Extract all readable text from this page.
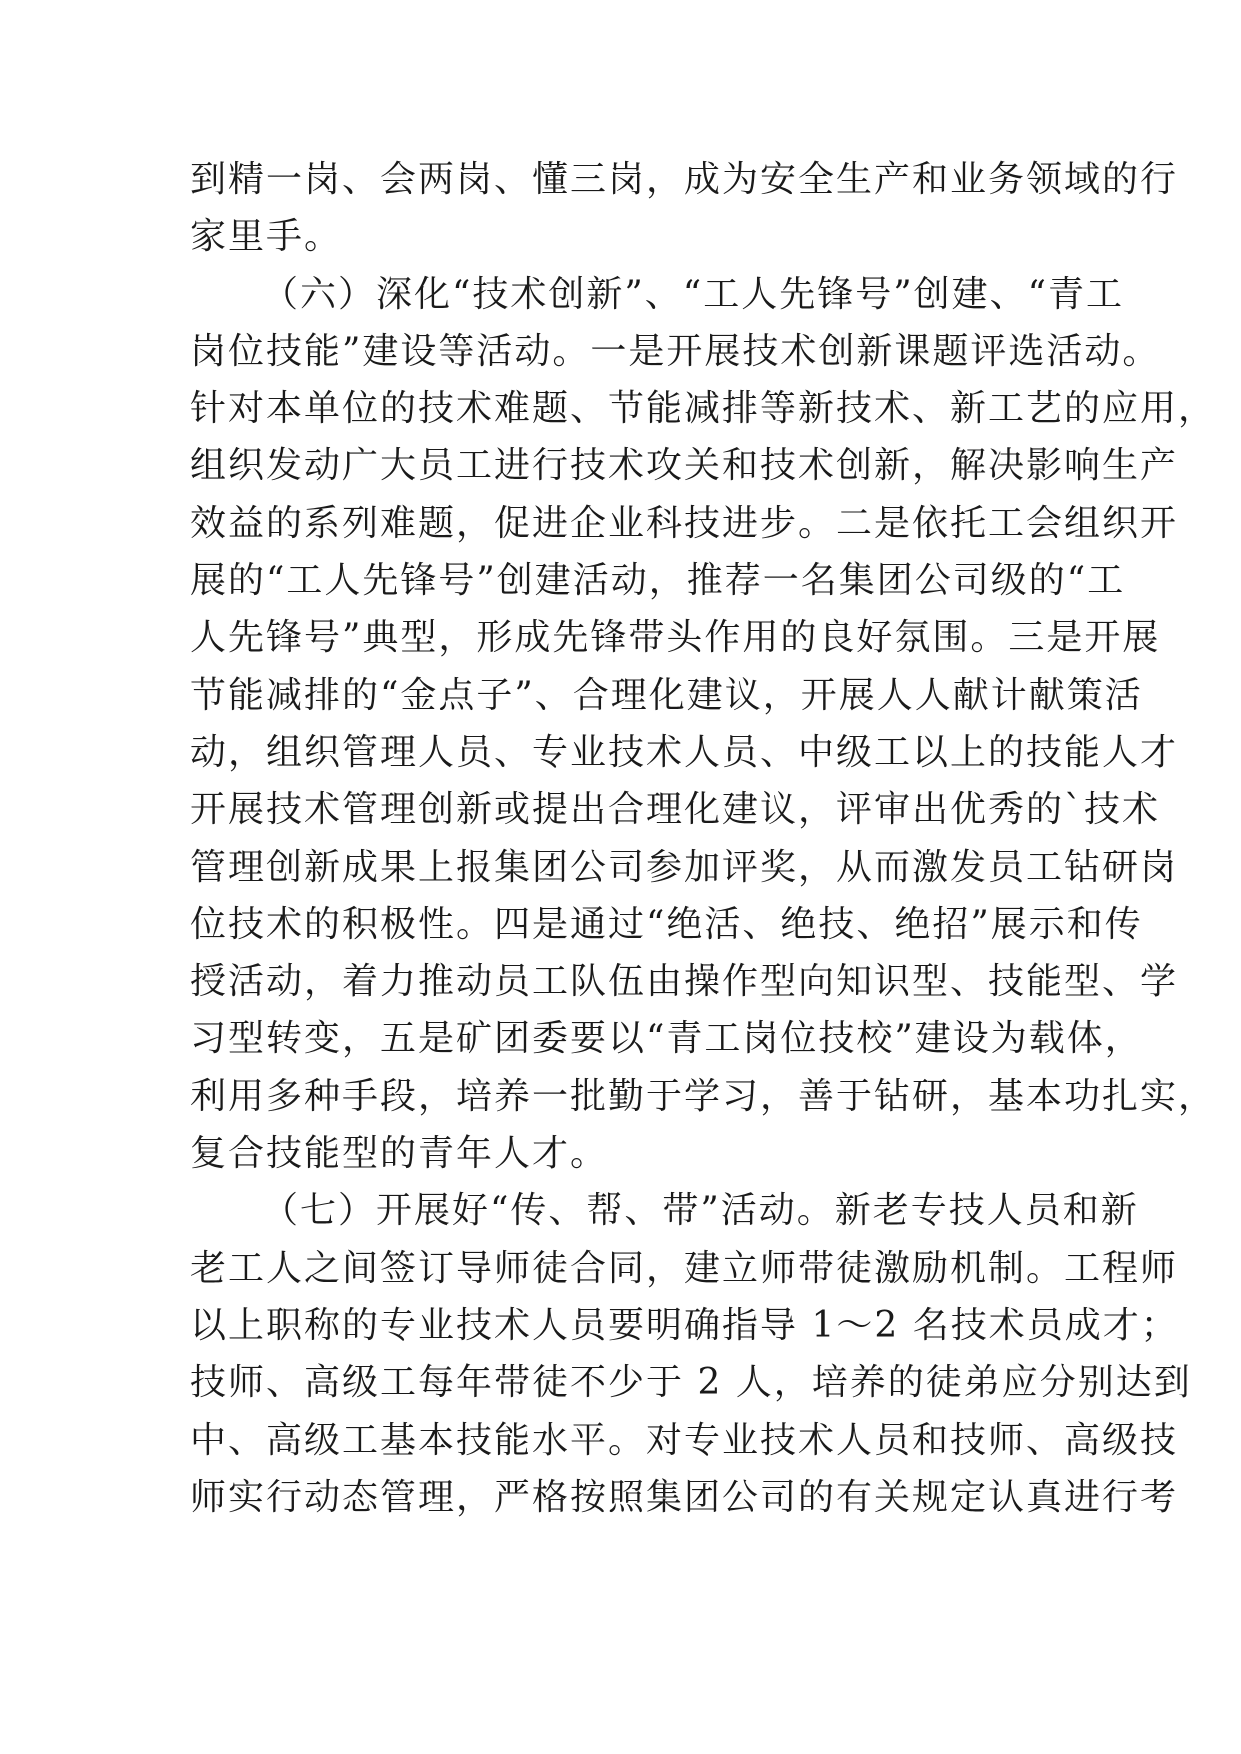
到精一岗、会两岗、懂三岗，成为安全生产和业务领域的行
家里手。
（六）深化“技术创新”、“工人先锋号”创建、“青工
岗位技能”建设等活动。一是开展技术创新课题评选活动。
针对本单位的技术难题、节能减排等新技术、新工艺的应用，
组织发动广大员工进行技术攻关和技术创新，解决影响生产
效益的系列难题，促进企业科技进步。二是依托工会组织开
展的“工人先锋号”创建活动，推荐一名集团公司级的“工
人先锋号”典型，形成先锋带头作用的良好氛围。三是开展
节能减排的“金点子”、合理化建议，开展人人献计献策活
动，组织管理人员、专业技术人员、中级工以上的技能人才
开展技术管理创新或提出合理化建议，评审出优秀的`技术
管理创新成果上报集团公司参加评奖，从而激发员工钻研岗
位技术的积极性。四是通过“绝活、绝技、绝招”展示和传
授活动，着力推动员工队伍由操作型向知识型、技能型、学
习型转变，五是矿团委要以“青工岗位技校”建设为载体，
利用多种手段，培养一批勤于学习，善于钻研，基本功扎实，
复合技能型的青年人才。
（七）开展好“传、帮、带”活动。新老专技人员和新
老工人之间签订导师徒合同，建立师带徒激励机制。工程师
以上职称的专业技术人员要明确指导 1～2 名技术员成才；
技师、高级工每年带徒不少于 2 人，培养的徒弟应分别达到
中、高级工基本技能水平。对专业技术人员和技师、高级技
师实行动态管理，严格按照集团公司的有关规定认真进行考
